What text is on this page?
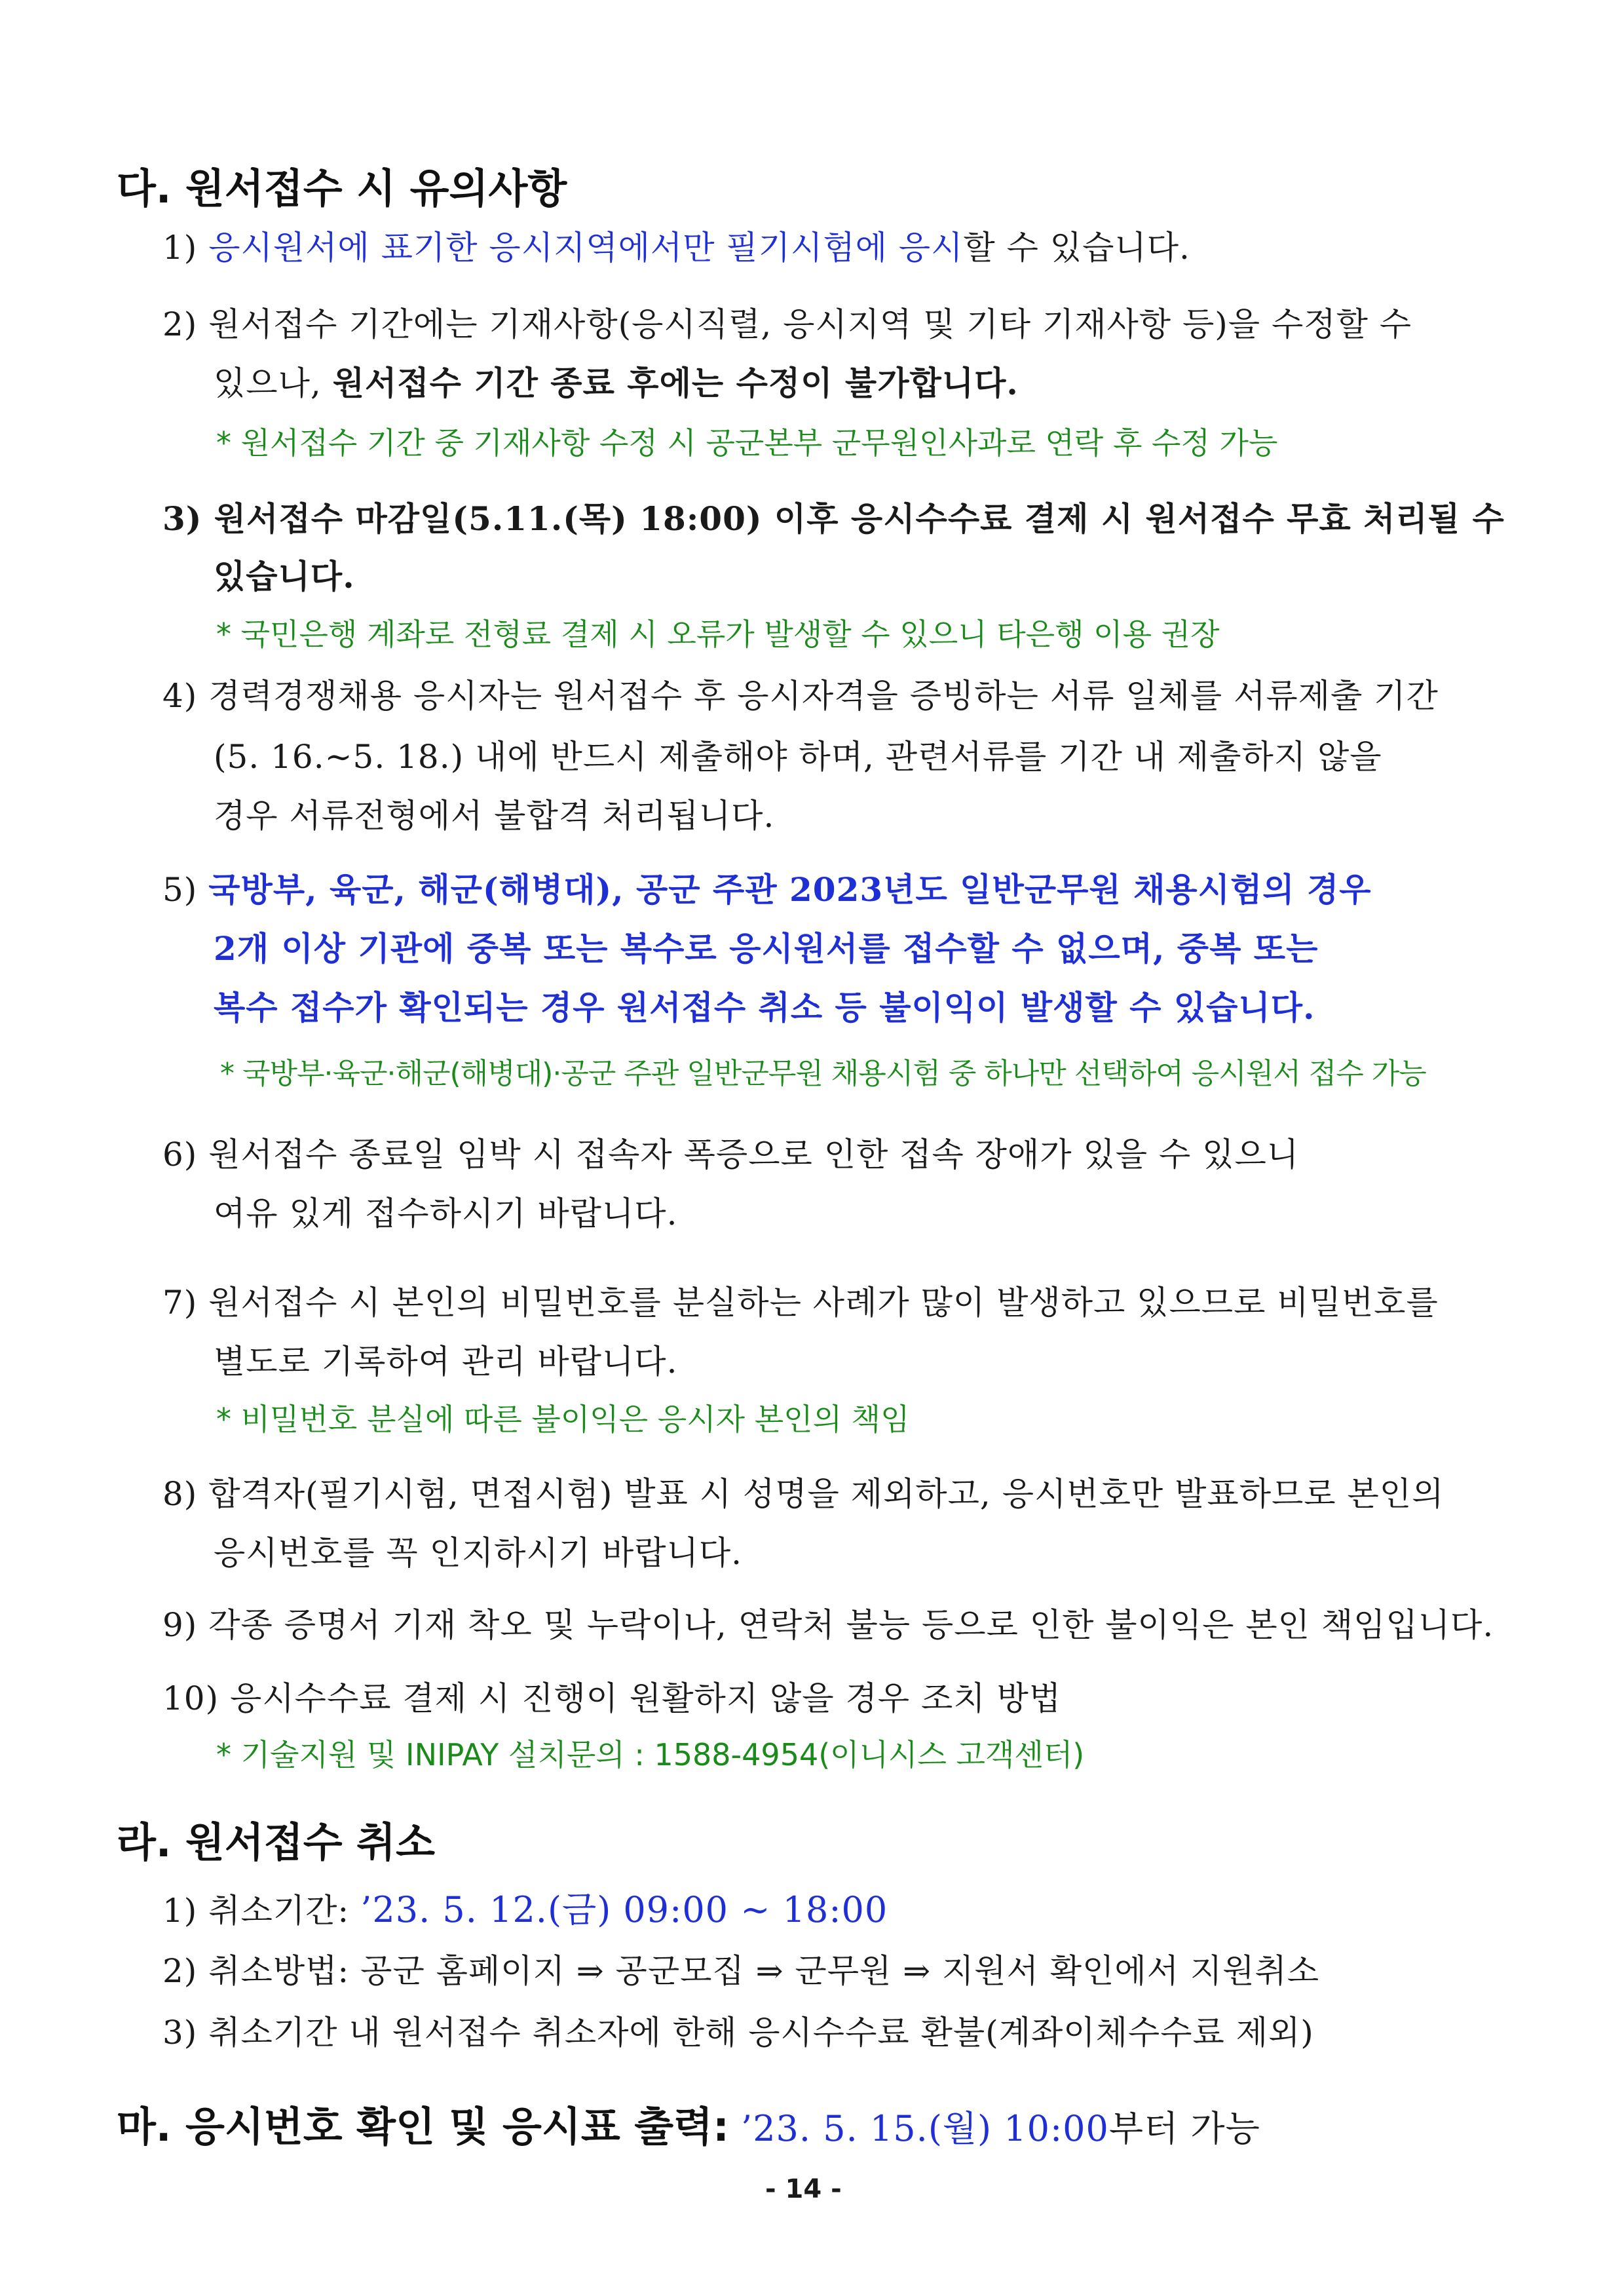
다. 원서접수 시 유의사항
1) 응시원서에 표기한 응시지역에서만 필기시험에 응시할 수 있습니다.
2) 원서접수 기간에는 기재사항(응시직렬, 응시지역 및 기타 기재사항 등)을 수정할 수
있으나, 원서접수 기간 종료 후에는 수정이 불가합니다.
* 원서접수 기간 중 기재사항 수정 시 공군본부 군무원인사과로 연락 후 수정 가능
3) 원서접수 마감일(5.11.(목) 18:00) 이후 응시수수료 결제 시 원서접수 무효 처리될 수
있습니다.
* 국민은행 계좌로 전형료 결제 시 오류가 발생할 수 있으니 타은행 이용 권장
4) 경력경쟁채용 응시자는 원서접수 후 응시자격을 증빙하는 서류 일체를 서류제출 기간
(5. 16.∼5. 18.) 내에 반드시 제출해야 하며, 관련서류를 기간 내 제출하지 않을
경우 서류전형에서 불합격 처리됩니다.
5) 국방부, 육군, 해군(해병대), 공군 주관 2023년도 일반군무원 채용시험의 경우
2개 이상 기관에 중복 또는 복수로 응시원서를 접수할 수 없으며, 중복 또는
복수 접수가 확인되는 경우 원서접수 취소 등 불이익이 발생할 수 있습니다.
* 국방부·육군·해군(해병대)·공군 주관 일반군무원 채용시험 중 하나만 선택하여 응시원서 접수 가능
6) 원서접수 종료일 임박 시 접속자 폭증으로 인한 접속 장애가 있을 수 있으니
여유 있게 접수하시기 바랍니다.
7) 원서접수 시 본인의 비밀번호를 분실하는 사례가 많이 발생하고 있으므로 비밀번호를
별도로 기록하여 관리 바랍니다.
* 비밀번호 분실에 따른 불이익은 응시자 본인의 책임
8) 합격자(필기시험, 면접시험) 발표 시 성명을 제외하고, 응시번호만 발표하므로 본인의
응시번호를 꼭 인지하시기 바랍니다.
9) 각종 증명서 기재 착오 및 누락이나, 연락처 불능 등으로 인한 불이익은 본인 책임입니다.
10) 응시수수료 결제 시 진행이 원활하지 않을 경우 조치 방법
* 기술지원 및 INIPAY 설치문의 : 1588-4954(이니시스 고객센터)
라. 원서접수 취소
1) 취소기간: ’23. 5. 12.(금) 09:00 ∼ 18:00
2) 취소방법: 공군 홈페이지 ⇒ 공군모집 ⇒ 군무원 ⇒ 지원서 확인에서 지원취소
3) 취소기간 내 원서접수 취소자에 한해 응시수수료 환불(계좌이체수수료 제외)
마. 응시번호 확인 및 응시표 출력: ’23. 5. 15.(월) 10:00부터 가능
- 14 -
